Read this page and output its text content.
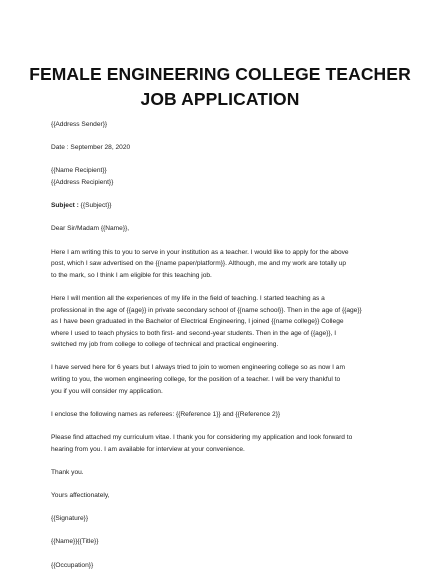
FEMALE ENGINEERING COLLEGE TEACHER
JOB APPLICATION
{{Address Sender}}
Date : September 28, 2020
{{Name Recipient}}
{{Address Recipient}}
Subject : {{Subject}}
Dear Sir/Madam {{Name}},
Here I am writing this to you to serve in your institution as a teacher. I would like to apply for the above
post, which I saw advertised on the {{name paper/platform}}. Although, me and my work are totally up
to the mark, so I think I am eligible for this teaching job.
Here I will mention all the experiences of my life in the field of teaching. I started teaching as a
professional in the age of {{age}} in private secondary school of {{name school}}. Then in the age of {{age}}
as I have been graduated in the Bachelor of Electrical Engineering, I joined {{name college}} College
where I used to teach physics to both first- and second-year students. Then in the age of {{age}}, I
switched my job from college to college of technical and practical engineering.
I have served here for 6 years but I always tried to join to women engineering college so as now I am
writing to you, the women engineering college, for the position of a teacher. I will be very thankful to
you if you will consider my application.
I enclose the following names as referees: {{Reference 1}} and {{Reference 2}}
Please find attached my curriculum vitae. I thank you for considering my application and look forward to
hearing from you. I am available for interview at your convenience.
Thank you.
Yours affectionately,
{{Signature}}
{{Name}}{{Title}}
{{Occupation}}
